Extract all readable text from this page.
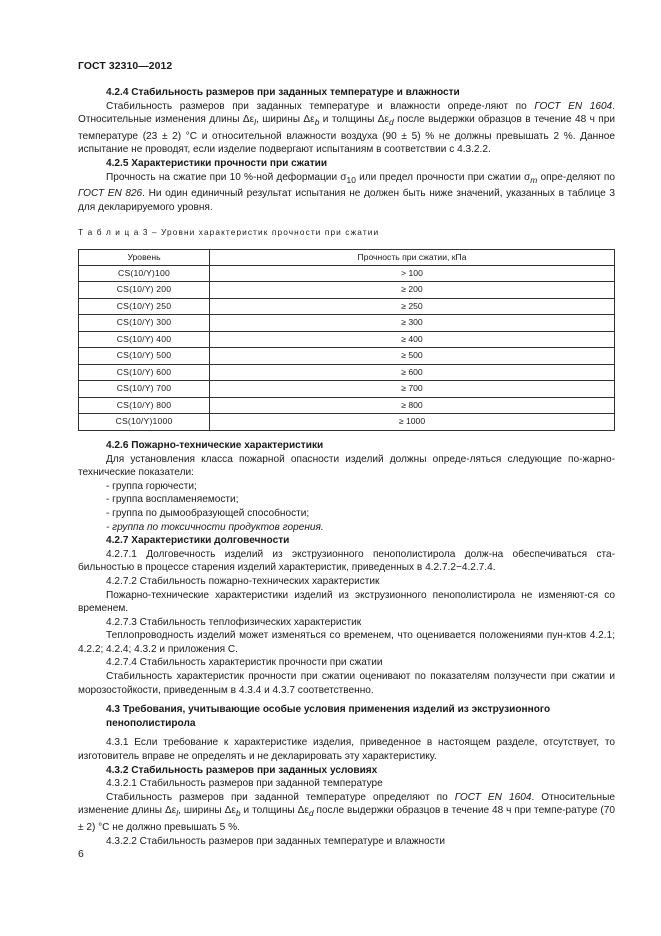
ГОСТ 32310—2012

4.2.4 Стабильность размеров при заданных температуре и влажности

Стабильность размеров при заданных температуре и влажности опреде-ляют по ГОСТ EN 1604. Относительные изменения длины $\Delta\varepsilon_l$, ширины $\Delta\varepsilon_b$ и толщины $\Delta\varepsilon_d$ после выдержки образцов в течение 48 ч при температуре (23 ± 2) °С и относительной влажности воздуха (90 ± 5) % не должны превышать 2 %. Данное испытание не проводят, если изделие подвергают испытаниям в соответствии с 4.3.2.2.

4.2.5 Характеристики прочности при сжатии

Прочность на сжатие при 10 %-ной деформации $\sigma_{10}$ или предел прочности при сжатии $\sigma_m$ опре-деляют по ГОСТ EN 826. Ни один единичный результат испытания не должен быть ниже значений, указанных в таблице 3 для декларируемого уровня.

Т а б л и ц а 3 – Уровни характеристик прочности при сжатии

Уровень	Прочность при сжатии, кПа
CS(10/Y)100	> 100
CS(10/Y) 200	≥ 200
CS(10/Y) 250	≥ 250
CS(10/Y) 300	≥ 300
CS(10/Y) 400	≥ 400
CS(10/Y) 500	≥ 500
CS(10/Y) 600	≥ 600
CS(10/Y) 700	≥ 700
CS(10/Y) 800	≥ 800
CS(10/Y)1000	≥ 1000

4.2.6 Пожарно-технические характеристики

Для установления класса пожарной опасности изделий должны опреде-ляться следующие по-жарно-технические показатели:

- группа горючести;

- группа воспламеняемости;

- группа по дымообразующей способности;

- группа по токсичности продуктов горения.

4.2.7 Характеристики долговечности

4.2.7.1 Долговечность изделий из экструзионного пенополистирола долж-на обеспечиваться ста-бильностью в процессе старения изделий характеристик, приведенных в 4.2.7.2−4.2.7.4.

4.2.7.2 Стабильность пожарно-технических характеристик

Пожарно-технические характеристики изделий из экструзионного пенополистирола не изменяют-ся со временем.

4.2.7.3 Стабильность теплофизических характеристик

Теплопроводность изделий может изменяться со временем, что оценивается положениями пун-ктов 4.2.1; 4.2.2; 4.2.4; 4.3.2 и приложения С.

4.2.7.4 Стабильность характеристик прочности при сжатии

Стабильность характеристик прочности при сжатии оценивают по показателям ползучести при сжатии и морозостойкости, приведенным в 4.3.4 и 4.3.7 соответственно.

4.3 Требования, учитывающие особые условия применения изделий из экструзионного

пенополистирола

4.3.1 Если требование к характеристике изделия, приведенное в настоящем разделе, отсутствует, то изготовитель вправе не определять и не декларировать эту характеристику.

4.3.2 Стабильность размеров при заданных условиях

4.3.2.1 Стабильность размеров при заданной температуре

Стабильность размеров при заданной температуре определяют по ГОСТ EN 1604. Относительные изменение длины $\Delta\varepsilon_l$, ширины $\Delta\varepsilon_b$ и толщины $\Delta\varepsilon_d$ после выдержки образцов в течение 48 ч при темпе-ратуре (70 ± 2) °С не должно превышать 5 %.

4.3.2.2 Стабильность размеров при заданных температуре и влажности

6
